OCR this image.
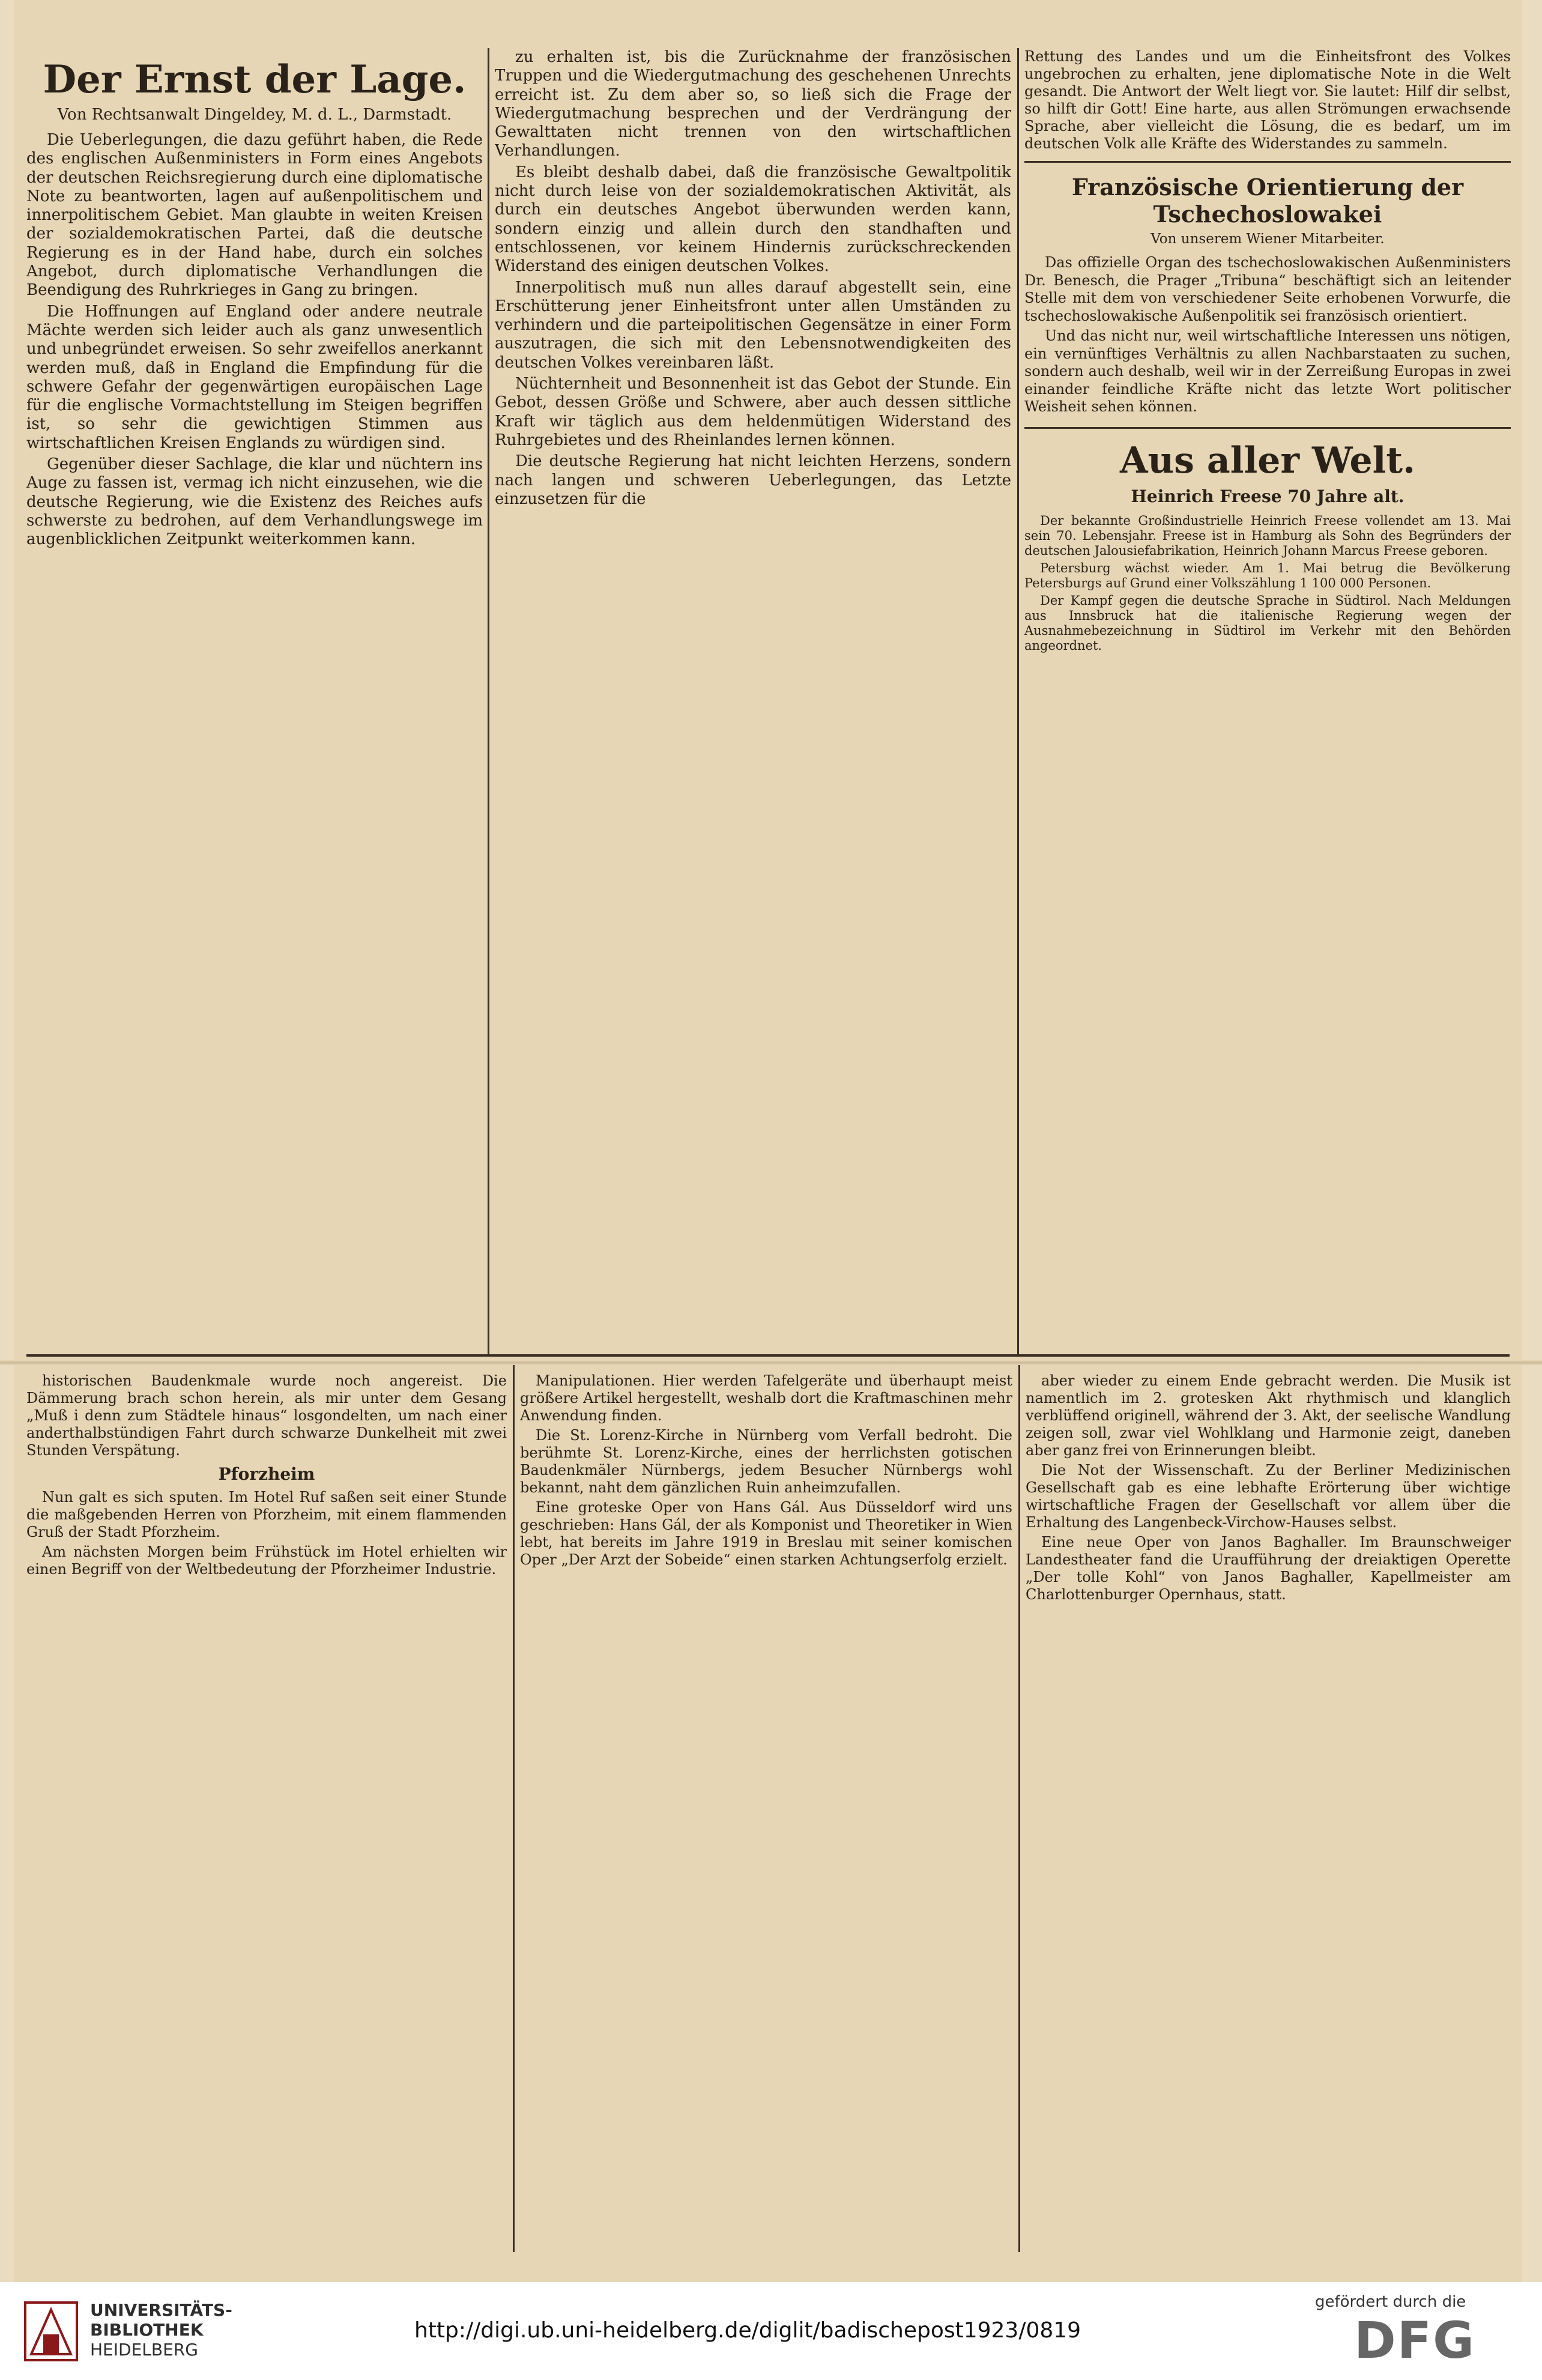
Der Ernst der Lage.
Von Rechtsanwalt Dingeldey, M. d. L., Darmstadt.

Die Ueberlegungen, die dazu geführt haben, die Rede des englischen Außenministers in Form eines Angebots der deutschen Reichsregierung durch eine diplomatische Note zu beantworten, lagen auf außenpolitischem und innerpolitischem Gebiet. Man glaubte in weiten Kreisen der sozialdemokratischen Partei, daß die deutsche Regierung es in der Hand habe, durch ein solches Angebot, durch diplomatische Verhandlungen die Beendigung des Ruhrkrieges in Gang zu bringen.

Die Hoffnungen auf England oder andere neutrale Mächte werden sich leider auch als ganz unwesentlich und unbegründet erweisen. So sehr zweifellos anerkannt werden muß, daß in England die Empfindung für die schwere Gefahr der gegenwärtigen europäischen Lage für die englische Vormachtstellung im Steigen begriffen ist, so sehr die gewichtigen Stimmen aus wirtschaftlichen Kreisen Englands zu würdigen sind.

Gegenüber dieser Sachlage, die klar und nüchtern ins Auge zu fassen ist, vermag ich nicht einzusehen, wie die deutsche Regierung, wie die Existenz des Reiches aufs schwerste zu bedrohen, auf dem Verhandlungswege im augenblicklichen Zeitpunkt weiterkommen kann.

zu erhalten ist, bis die Zurücknahme der französischen Truppen und die Wiedergutmachung des geschehenen Unrechts erreicht ist. Zu dem aber so, so ließ sich die Frage der Wiedergutmachung besprechen und der Verdrängung der Gewalttaten nicht trennen von den wirtschaftlichen Verhandlungen.

Es bleibt deshalb dabei, daß die französische Gewaltpolitik nicht durch leise von der sozialdemokratischen Aktivität, als durch ein deutsches Angebot überwunden werden kann, sondern einzig und allein durch den standhaften und entschlossenen, vor keinem Hindernis zurückschreckenden Widerstand des einigen deutschen Volkes.

Innerpolitisch muß nun alles darauf abgestellt sein, eine Erschütterung jener Einheitsfront unter allen Umständen zu verhindern und die parteipolitischen Gegensätze in einer Form auszutragen, die sich mit den Lebensnotwendigkeiten des deutschen Volkes vereinbaren läßt.

Nüchternheit und Besonnenheit ist das Gebot der Stunde. Ein Gebot, dessen Größe und Schwere, aber auch dessen sittliche Kraft wir täglich aus dem heldenmütigen Widerstand des Ruhrgebietes und des Rheinlandes lernen können.

Die deutsche Regierung hat nicht leichten Herzens, sondern nach langen und schweren Ueberlegungen, das Letzte einzusetzen für die

Rettung des Landes und um die Einheitsfront des Volkes ungebrochen zu erhalten, jene diplomatische Note in die Welt gesandt. Die Antwort der Welt liegt vor. Sie lautet: Hilf dir selbst, so hilft dir Gott! Eine harte, aus allen Strömungen erwachsende Sprache, aber vielleicht die Lösung, die es bedarf, um im deutschen Volk alle Kräfte des Widerstandes zu sammeln.
Französische Orientierung der Tschechoslowakei
Von unserem Wiener Mitarbeiter.

Das offizielle Organ des tschechoslowakischen Außenministers Dr. Benesch, die Prager „Tribuna“ beschäftigt sich an leitender Stelle mit dem von verschiedener Seite erhobenen Vorwurfe, die tschechoslowakische Außenpolitik sei französisch orientiert.

Und das nicht nur, weil wirtschaftliche Interessen uns nötigen, ein vernünftiges Verhältnis zu allen Nachbarstaaten zu suchen, sondern auch deshalb, weil wir in der Zerreißung Europas in zwei einander feindliche Kräfte nicht das letzte Wort politischer Weisheit sehen können.

Aus aller Welt.
Heinrich Freese 70 Jahre alt.

Der bekannte Großindustrielle Heinrich Freese vollendet am 13. Mai sein 70. Lebensjahr. Freese ist in Hamburg als Sohn des Begründers der deutschen Jalousiefabrikation, Heinrich Johann Marcus Freese geboren.

Petersburg wächst wieder. Am 1. Mai betrug die Bevölkerung Petersburgs auf Grund einer Volkszählung 1 100 000 Personen.

Der Kampf gegen die deutsche Sprache in Südtirol. Nach Meldungen aus Innsbruck hat die italienische Regierung wegen der Ausnahmebezeichnung in Südtirol im Verkehr mit den Behörden angeordnet.

historischen Baudenkmale wurde noch angereist. Die Dämmerung brach schon herein, als mir unter dem Gesang „Muß i denn zum Städtele hinaus“ losgondelten, um nach einer anderthalbstündigen Fahrt durch schwarze Dunkelheit mit zwei Stunden Verspätung.

Pforzheim

Nun galt es sich sputen. Im Hotel Ruf saßen seit einer Stunde die maßgebenden Herren von Pforzheim, mit einem flammenden Gruß der Stadt Pforzheim.

Am nächsten Morgen beim Frühstück im Hotel erhielten wir einen Begriff von der Weltbedeutung der Pforzheimer Industrie.

Manipulationen. Hier werden Tafelgeräte und überhaupt meist größere Artikel hergestellt, weshalb dort die Kraftmaschinen mehr Anwendung finden.

Die St. Lorenz-Kirche in Nürnberg vom Verfall bedroht. Die berühmte St. Lorenz-Kirche, eines der herrlichsten gotischen Baudenkmäler Nürnbergs, jedem Besucher Nürnbergs wohl bekannt, naht dem gänzlichen Ruin anheimzufallen.

Eine groteske Oper von Hans Gál. Aus Düsseldorf wird uns geschrieben: Hans Gál, der als Komponist und Theoretiker in Wien lebt, hat bereits im Jahre 1919 in Breslau mit seiner komischen Oper „Der Arzt der Sobeide“ einen starken Achtungserfolg erzielt.

aber wieder zu einem Ende gebracht werden. Die Musik ist namentlich im 2. grotesken Akt rhythmisch und klanglich verblüffend originell, während der 3. Akt, der seelische Wandlung zeigen soll, zwar viel Wohlklang und Harmonie zeigt, daneben aber ganz frei von Erinnerungen bleibt.

Die Not der Wissenschaft. Zu der Berliner Medizinischen Gesellschaft gab es eine lebhafte Erörterung über wichtige wirtschaftliche Fragen der Gesellschaft vor allem über die Erhaltung des Langenbeck-Virchow-Hauses selbst.

Eine neue Oper von Janos Baghaller. Im Braunschweiger Landestheater fand die Uraufführung der dreiaktigen Operette „Der tolle Kohl“ von Janos Baghaller, Kapellmeister am Charlottenburger Opernhaus, statt.

UNIVERSITÄTS-
BIBLIOTHEK
HEIDELBERG
http://digi.ub.uni-heidelberg.de/diglit/badischepost1923/0819
gefördert durch die
DFG
